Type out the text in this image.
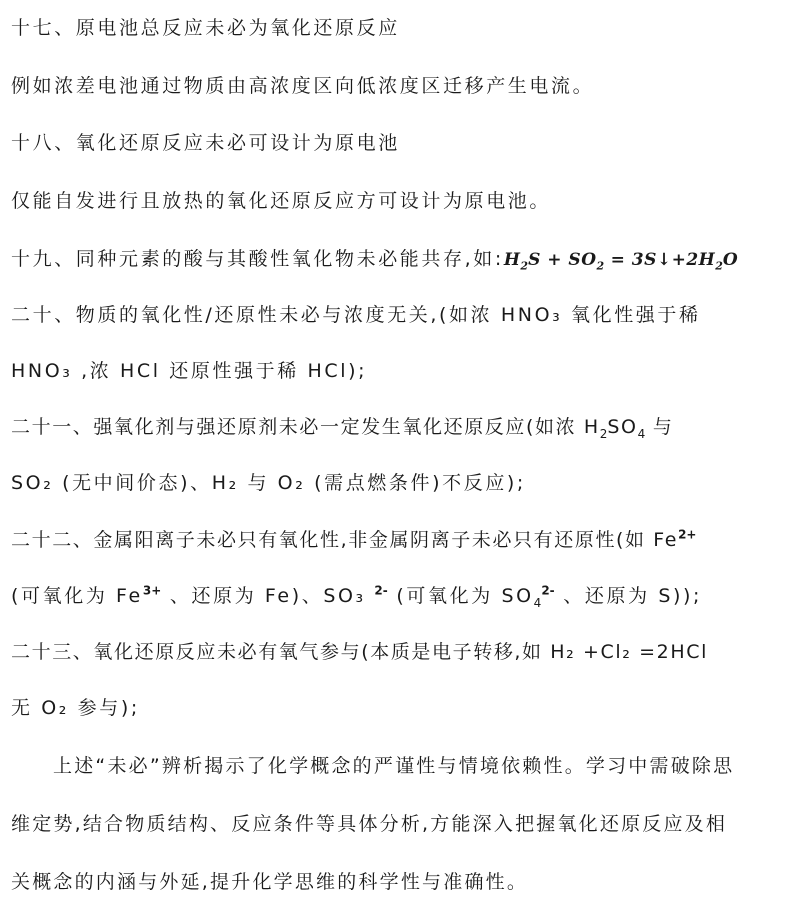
十七、原电池总反应未必为氧化还原反应
例如浓差电池通过物质由高浓度区向低浓度区迁移产生电流。
十八、氧化还原反应未必可设计为原电池
仅能自发进行且放热的氧化还原反应方可设计为原电池。
十九、同种元素的酸与其酸性氧化物未必能共存,如$:H_2S + SO_2$ = $3S↓+2H_2O$
二十、物质的氧化性/还原性未必与浓度无关,(如浓 HNO₃ 氧化性强于稀
HNO₃ ,浓 HCl 还原性强于稀 HCl);
二十一、强氧化剂与强还原剂未必一定发生氧化还原反应(如浓 $H_2SO_4$ 与
SO₂ (无中间价态)、H₂ 与 O₂ (需点燃条件)不反应);
二十二、金属阳离子未必只有氧化性,非金属阴离子未必只有还原性(如 $Fe^{2+}$
(可氧化为 $Fe^{3+}$ 、还原为 Fe)、SO₃ $^{2-}$ (可氧化为 $SO_4^{2-}$ 、还原为 S));
二十三、氧化还原反应未必有氧气参与(本质是电子转移,如 H₂ +Cl₂ =2HCl
无 O₂ 参与);
上述“未必”辨析揭示了化学概念的严谨性与情境依赖性。学习中需破除思
维定势,结合物质结构、反应条件等具体分析,方能深入把握氧化还原反应及相
关概念的内涵与外延,提升化学思维的科学性与准确性。
